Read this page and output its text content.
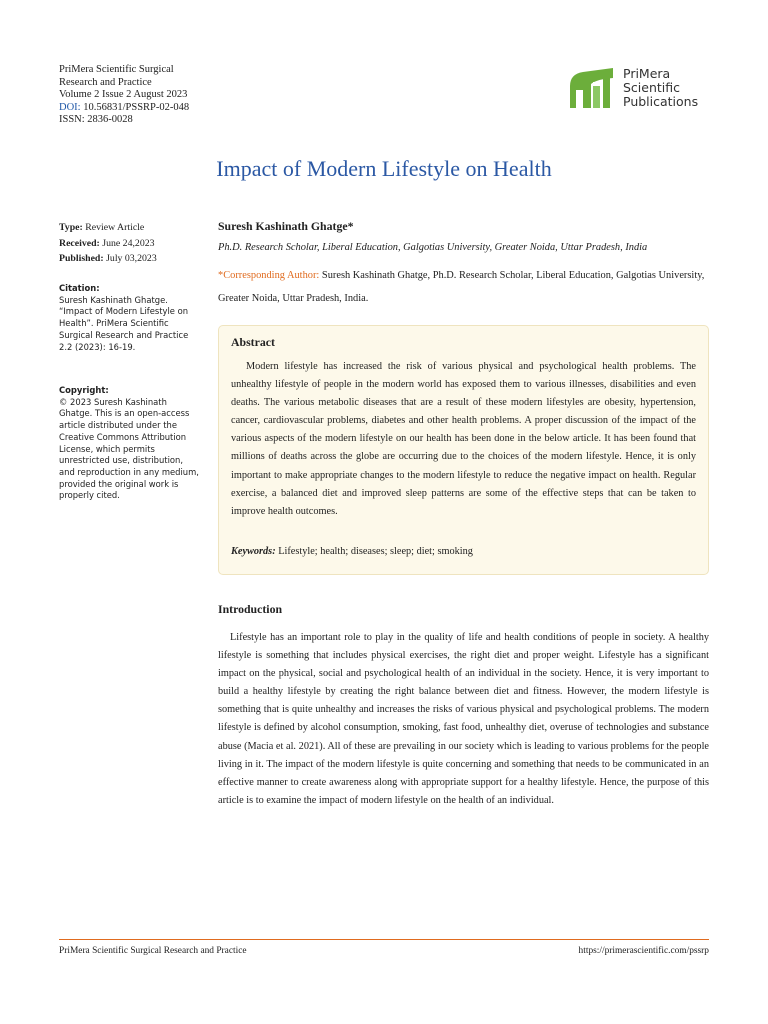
PriMera Scientific Surgical
Research and Practice
Volume 2 Issue 2 August 2023
DOI: 10.56831/PSSRP-02-048
ISSN: 2836-0028
PriMera
Scientific
Publications
Impact of Modern Lifestyle on Health
Type: Review Article
Received: June 24,2023
Published: July 03,2023
Citation:
Suresh Kashinath Ghatge. “Impact of Modern Lifestyle on Health”. PriMera Scientific Surgical Research and Practice 2.2 (2023): 16-19.
Copyright:
© 2023 Suresh Kashinath Ghatge. This is an open-access article distributed under the Creative Commons Attribution License, which permits unrestricted use, distribution, and reproduction in any medium, provided the original work is properly cited.
Suresh Kashinath Ghatge*
Ph.D. Research Scholar, Liberal Education, Galgotias University, Greater Noida, Uttar Pradesh, India
*Corresponding Author: Suresh Kashinath Ghatge, Ph.D. Research Scholar, Liberal Education, Galgotias University, Greater Noida, Uttar Pradesh, India.
Abstract
Modern lifestyle has increased the risk of various physical and psychological health problems. The unhealthy lifestyle of people in the modern world has exposed them to various illnesses, disabilities and even deaths. The various metabolic diseases that are a result of these modern lifestyles are obesity, hypertension, cancer, cardiovascular problems, diabetes and other health problems. A proper discussion of the impact of the various aspects of the modern lifestyle on our health has been done in the below article. It has been found that millions of deaths across the globe are occurring due to the choices of the modern lifestyle. Hence, it is only important to make appropriate changes to the modern lifestyle to reduce the negative impact on health. Regular exercise, a balanced diet and improved sleep patterns are some of the effective steps that can be taken to improve health outcomes.
Keywords: Lifestyle; health; diseases; sleep; diet; smoking
Introduction
Lifestyle has an important role to play in the quality of life and health conditions of people in society. A healthy lifestyle is something that includes physical exercises, the right diet and proper weight. Lifestyle has a significant impact on the physical, social and psychological health of an individual in the society. Hence, it is very important to build a healthy lifestyle by creating the right balance between diet and fitness. However, the modern lifestyle is something that is quite unhealthy and increases the risks of various physical and psychological problems. The modern lifestyle is defined by alcohol consumption, smoking, fast food, unhealthy diet, overuse of technologies and substance abuse (Macia et al. 2021). All of these are prevailing in our society which is leading to various problems for the people living in it. The impact of the modern lifestyle is quite concerning and something that needs to be communicated in an effective manner to create awareness along with appropriate support for a healthy lifestyle. Hence, the purpose of this article is to examine the impact of modern lifestyle on the health of an individual.
PriMera Scientific Surgical Research and Practice	https://primerascientific.com/pssrp
